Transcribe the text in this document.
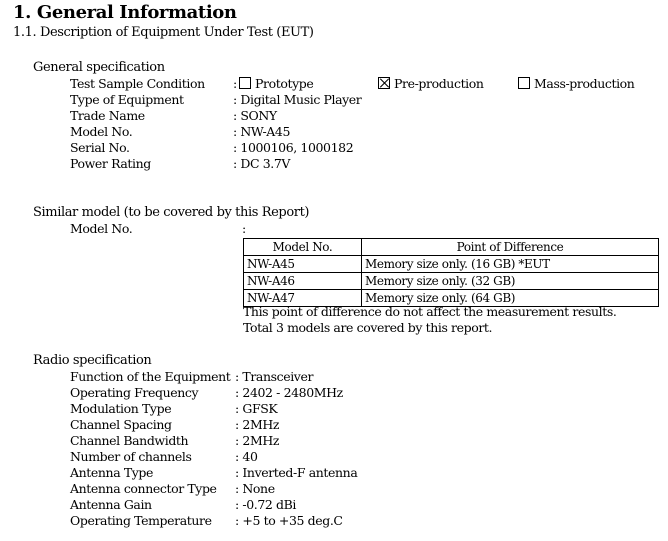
1. General Information
1.1. Description of Equipment Under Test (EUT)
General specification
Test Sample Condition :	Prototype	Pre-production	Mass-production
Type of Equipment	: Digital Music Player
Trade Name	: SONY
Model No.	: NW-A45
Serial No.	: 1000106, 1000182
Power Rating	: DC 3.7V
Similar model (to be covered by this Report)
Model No.	:
Model No.	Point of Difference
NW-A45	Memory size only. (16 GB) *EUT
NW-A46	Memory size only. (32 GB)
NW-A47	Memory size only. (64 GB)
This point of difference do not affect the measurement results.
Total 3 models are covered by this report.
Radio specification
Function of the Equipment : Transceiver
Operating Frequency	: 2402 - 2480MHz
Modulation Type	: GFSK
Channel Spacing	: 2MHz
Channel Bandwidth	: 2MHz
Number of channels	: 40
Antenna Type	: Inverted-F antenna
Antenna connector Type : None
Antenna Gain	: -0.72 dBi
Operating Temperature : +5 to +35 deg.C
